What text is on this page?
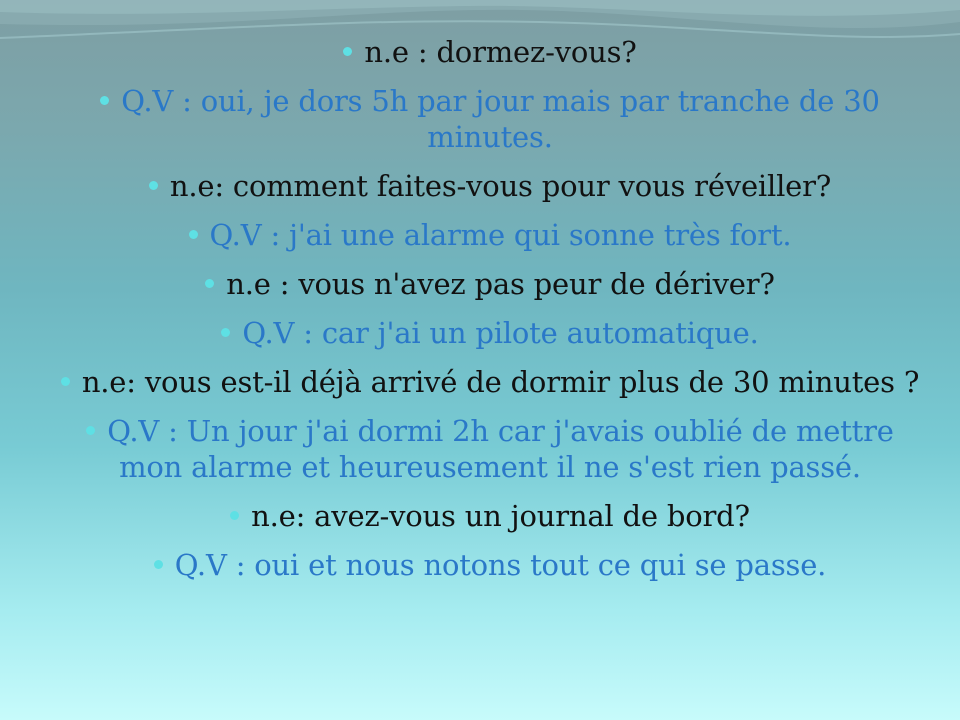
n.e : dormez-vous?
Q.V : oui, je dors 5h par jour mais par tranche de 30 minutes.
n.e: comment faites-vous pour vous réveiller?
Q.V : j'ai une alarme qui sonne très fort.
n.e : vous n'avez pas peur de dériver?
Q.V : car j'ai un pilote automatique.
n.e: vous est-il déjà arrivé de dormir plus de 30 minutes ?
Q.V : Un jour j'ai dormi 2h car j'avais oublié de mettre mon alarme et heureusement il ne s'est rien passé.
n.e: avez-vous un journal de bord?
Q.V : oui et nous notons tout ce qui se passe.
